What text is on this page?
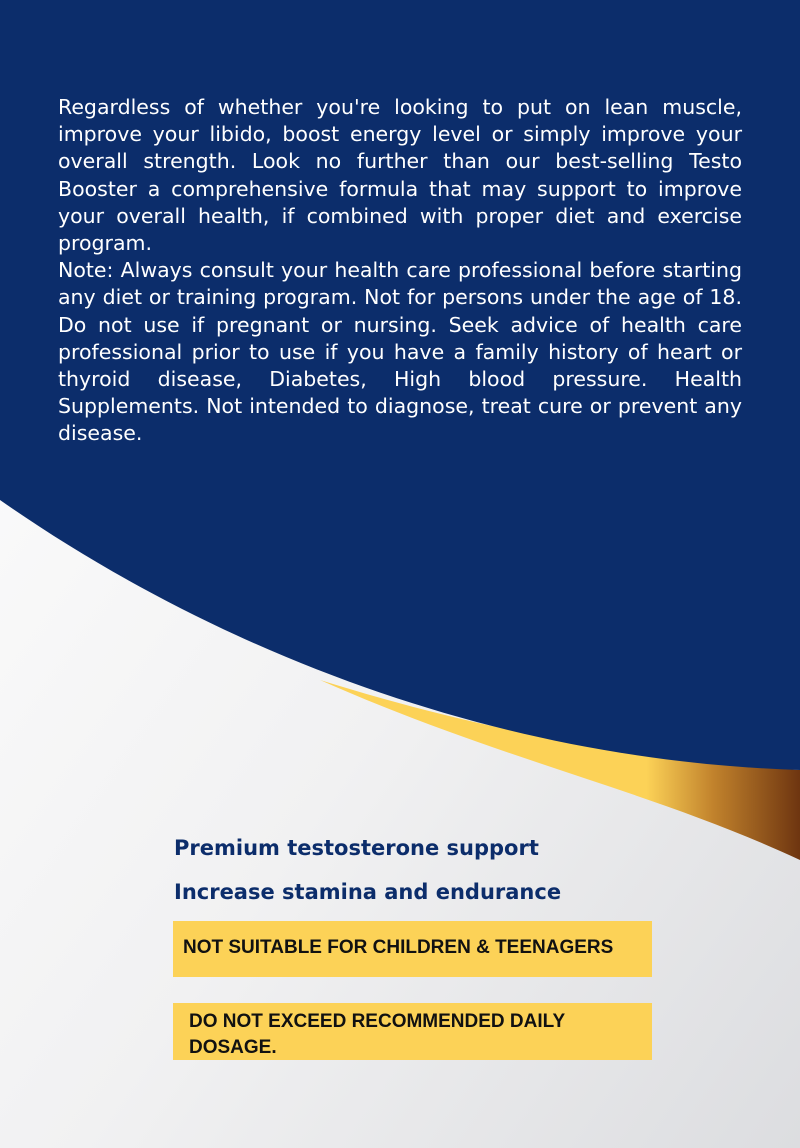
Regardless of whether you're looking to put on lean muscle, improve your libido, boost energy level or simply improve your overall strength. Look no further than our best-selling Testo Booster a comprehensive formula that may support to improve your overall health, if combined with proper diet and exercise program.

Note: Always consult your health care professional before starting any diet or training program. Not for persons under the age of 18. Do not use if pregnant or nursing. Seek advice of health care professional prior to use if you have a family history of heart or thyroid disease, Diabetes, High blood pressure. Health Supplements. Not intended to diagnose, treat cure or prevent any disease.

Premium testosterone support
Increase stamina and endurance
NOT SUITABLE FOR CHILDREN & TEENAGERS
DO NOT EXCEED RECOMMENDED DAILY DOSAGE.
